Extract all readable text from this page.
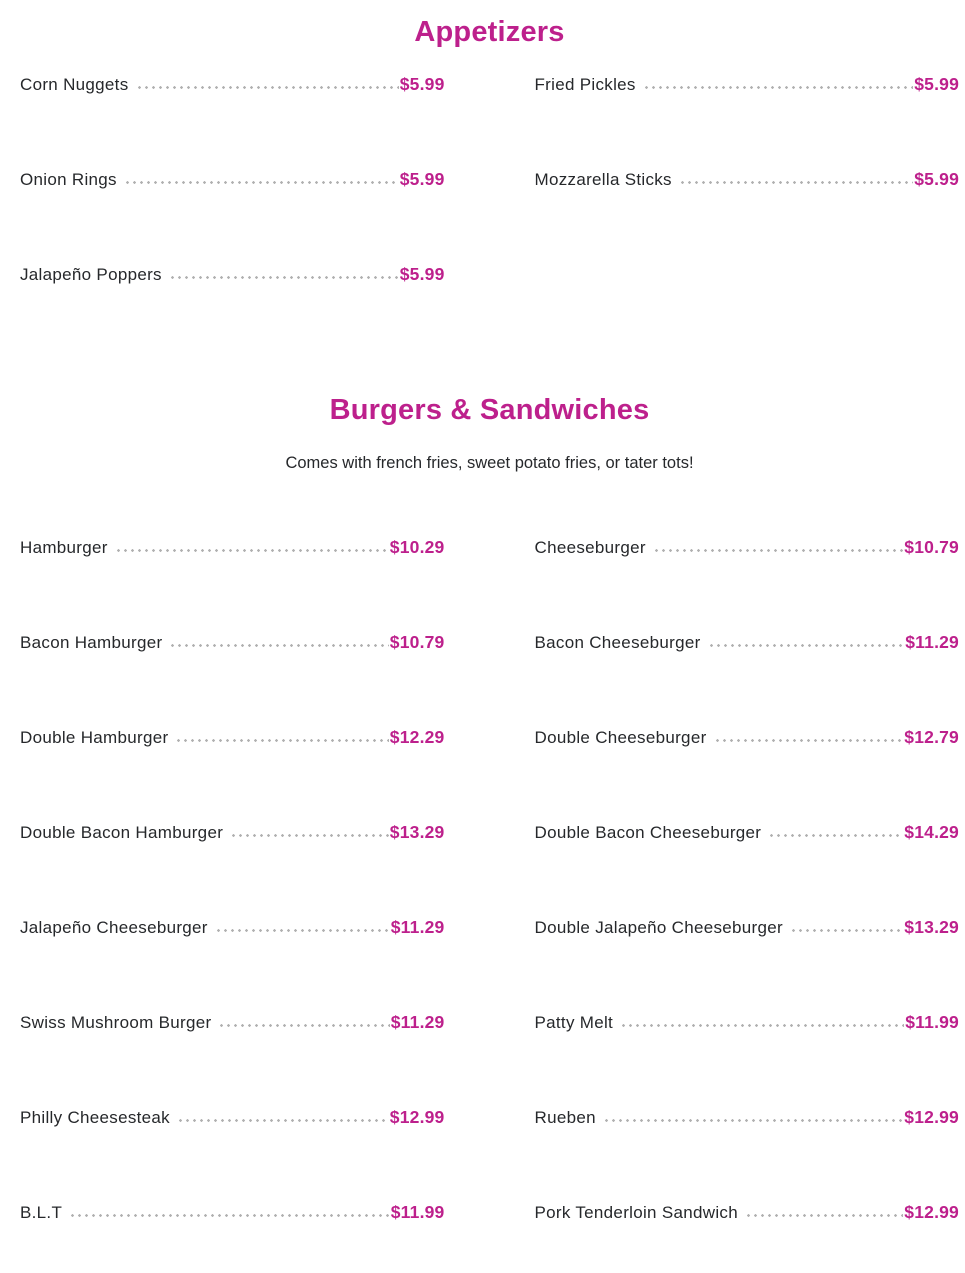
Appetizers
Corn Nuggets	$5.99	Fried Pickles	$5.99
Onion Rings	$5.99	Mozzarella Sticks	$5.99
Jalapeño Poppers	$5.99
Burgers & Sandwiches

Comes with french fries, sweet potato fries, or tater tots!

Hamburger	$10.29	Cheeseburger	$10.79
Bacon Hamburger	$10.79	Bacon Cheeseburger	$11.29
Double Hamburger	$12.29	Double Cheeseburger	$12.79
Double Bacon Hamburger	$13.29	Double Bacon Cheeseburger	$14.29
Jalapeño Cheeseburger	$11.29	Double Jalapeño Cheeseburger	$13.29
Swiss Mushroom Burger	$11.29	Patty Melt	$11.99
Philly Cheesesteak	$12.99	Rueben	$12.99
B.L.T	$11.99	Pork Tenderloin Sandwich	$12.99
